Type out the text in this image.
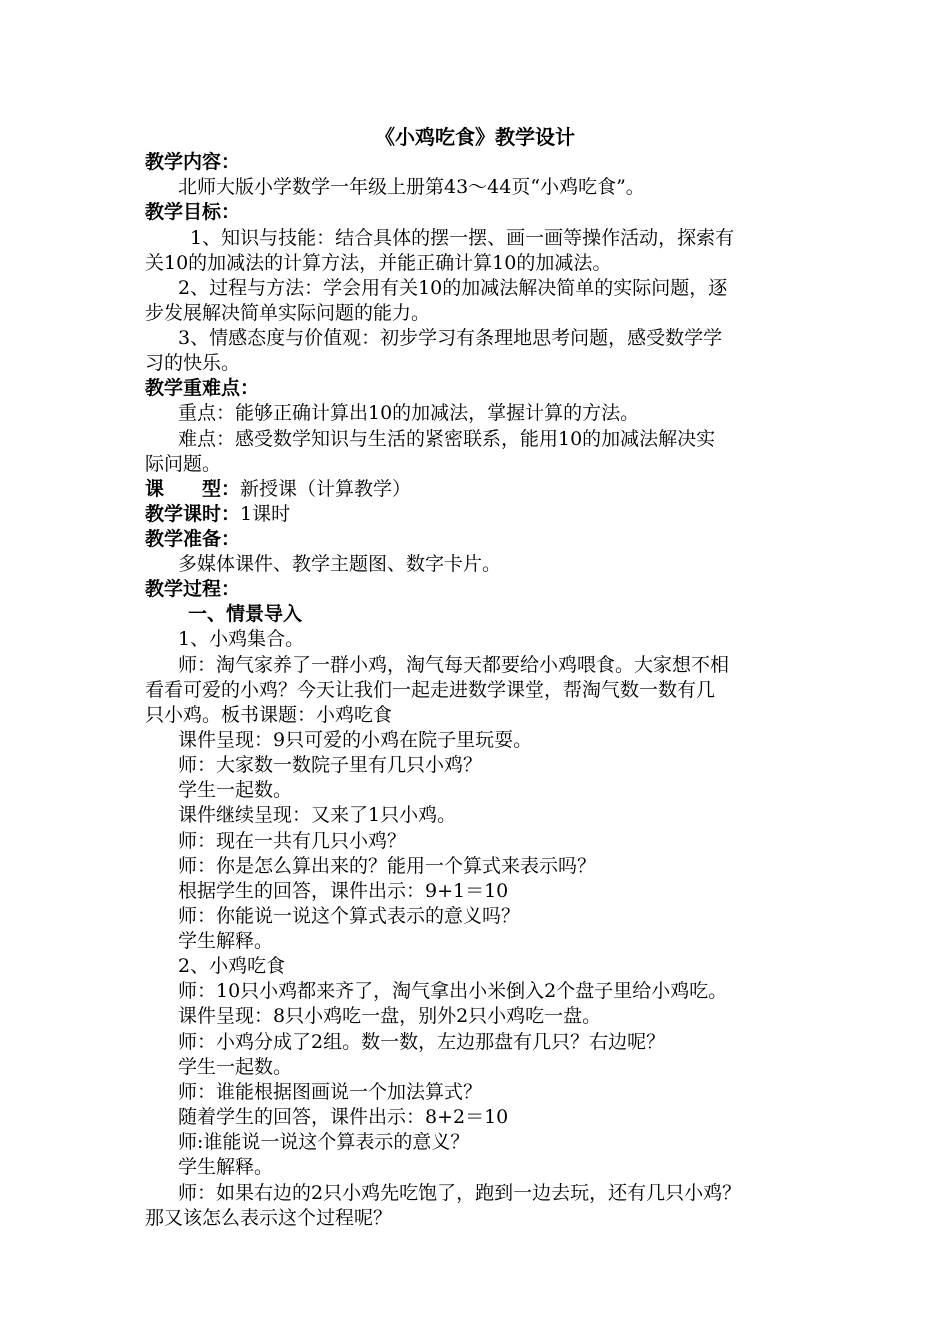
《小鸡吃食》教学设计
教学内容：
北师大版小学数学一年级上册第43～44页“小鸡吃食”。
教学目标：
1、知识与技能：结合具体的摆一摆、画一画等操作活动，探索有
关10的加减法的计算方法，并能正确计算10的加减法。
2、过程与方法：学会用有关10的加减法解决简单的实际问题，逐
步发展解决简单实际问题的能力。
3、情感态度与价值观：初步学习有条理地思考问题，感受数学学
习的快乐。
教学重难点：
重点：能够正确计算出10的加减法，掌握计算的方法。
难点：感受数学知识与生活的紧密联系，能用10的加减法解决实
际问题。
课　　型：新授课（计算教学）
教学课时：1课时
教学准备：
多媒体课件、教学主题图、数字卡片。
教学过程：
一、情景导入
1、小鸡集合。
师：淘气家养了一群小鸡，淘气每天都要给小鸡喂食。大家想不相
看看可爱的小鸡？今天让我们一起走进数学课堂，帮淘气数一数有几
只小鸡。板书课题：小鸡吃食
课件呈现：9只可爱的小鸡在院子里玩耍。
师：大家数一数院子里有几只小鸡？
学生一起数。
课件继续呈现：又来了1只小鸡。
师：现在一共有几只小鸡？
师：你是怎么算出来的？能用一个算式来表示吗？
根据学生的回答，课件出示：9+1＝10
师：你能说一说这个算式表示的意义吗？
学生解释。
2、小鸡吃食
师：10只小鸡都来齐了，淘气拿出小米倒入2个盘子里给小鸡吃。
课件呈现：8只小鸡吃一盘，别外2只小鸡吃一盘。
师：小鸡分成了2组。数一数，左边那盘有几只？右边呢？
学生一起数。
师：谁能根据图画说一个加法算式？
随着学生的回答，课件出示：8+2＝10
师:谁能说一说这个算表示的意义？
学生解释。
师：如果右边的2只小鸡先吃饱了，跑到一边去玩，还有几只小鸡？
那又该怎么表示这个过程呢？
